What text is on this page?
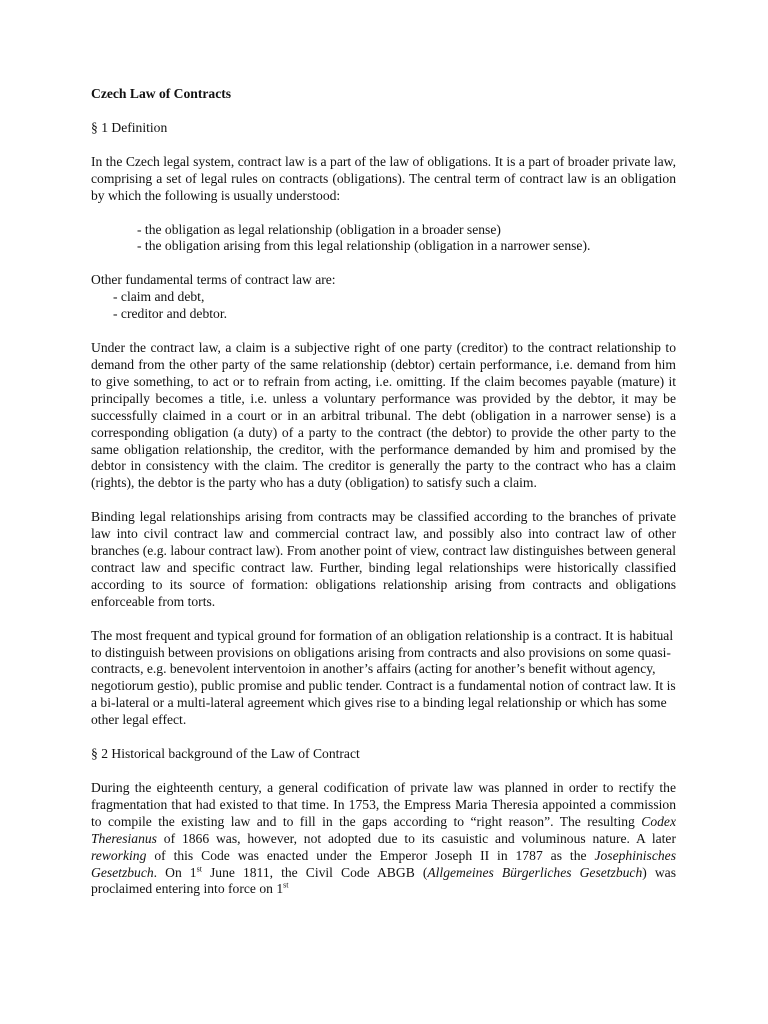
Czech Law of Contracts
§ 1 Definition

In the Czech legal system, contract law is a part of the law of obligations. It is a part of broader private law, comprising a set of legal rules on contracts (obligations). The central term of contract law is an obligation by which the following is usually understood:

- the obligation as legal relationship (obligation in a broader sense)
- the obligation arising from this legal relationship (obligation in a narrower sense).
Other fundamental terms of contract law are:
- claim and debt,
- creditor and debtor.

Under the contract law, a claim is a subjective right of one party (creditor) to the contract relationship to demand from the other party of the same relationship (debtor) certain performance, i.e. demand from him to give something, to act or to refrain from acting, i.e. omitting. If the claim becomes payable (mature) it principally becomes a title, i.e. unless a voluntary performance was provided by the debtor, it may be successfully claimed in a court or in an arbitral tribunal. The debt (obligation in a narrower sense) is a corresponding obligation (a duty) of a party to the contract (the debtor) to provide the other party to the same obligation relationship, the creditor, with the performance demanded by him and promised by the debtor in consistency with the claim. The creditor is generally the party to the contract who has a claim (rights), the debtor is the party who has a duty (obligation) to satisfy such a claim.

Binding legal relationships arising from contracts may be classified according to the branches of private law into civil contract law and commercial contract law, and possibly also into contract law of other branches (e.g. labour contract law). From another point of view, contract law distinguishes between general contract law and specific contract law. Further, binding legal relationships were historically classified according to its source of formation: obligations relationship arising from contracts and obligations enforceable from torts.

The most frequent and typical ground for formation of an obligation relationship is a contract. It is habitual to distinguish between provisions on obligations arising from contracts and also provisions on some quasi-contracts, e.g. benevolent interventoion in another’s affairs (acting for another’s benefit without agency, negotiorum gestio), public promise and public tender. Contract is a fundamental notion of contract law. It is a bi-lateral or a multi-lateral agreement which gives rise to a binding legal relationship or which has some other legal effect.

§ 2 Historical background of the Law of Contract

During the eighteenth century, a general codification of private law was planned in order to rectify the fragmentation that had existed to that time. In 1753, the Empress Maria Theresia appointed a commission to compile the existing law and to fill in the gaps according to “right reason”. The resulting Codex Theresianus of 1866 was, however, not adopted due to its casuistic and voluminous nature. A later reworking of this Code was enacted under the Emperor Joseph II in 1787 as the Josephinisches Gesetzbuch. On 1st June 1811, the Civil Code ABGB (Allgemeines Bürgerliches Gesetzbuch) was proclaimed entering into force on 1st
